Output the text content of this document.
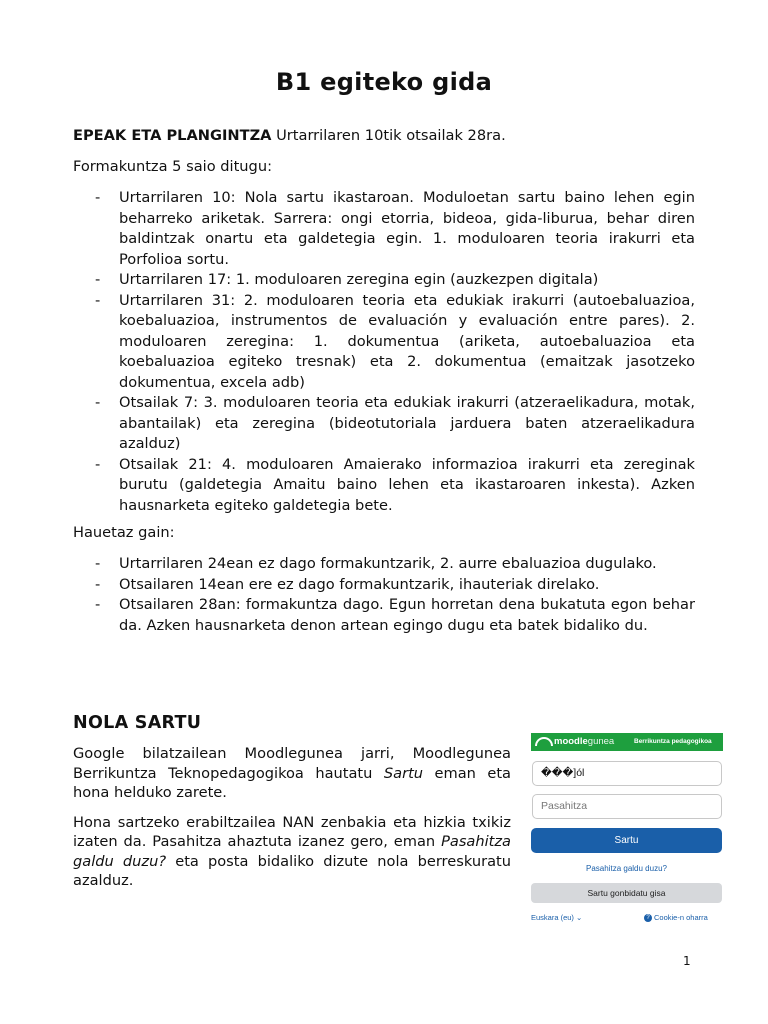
B1 egiteko gida

EPEAK ETA PLANGINTZA Urtarrilaren 10tik otsailak 28ra.

Formakuntza 5 saio ditugu:

- Urtarrilaren 10: Nola sartu ikastaroan. Moduloetan sartu baino lehen egin beharreko ariketak. Sarrera: ongi etorria, bideoa, gida-liburua, behar diren baldintzak onartu eta galdetegia egin. 1. moduloaren teoria irakurri eta Porfolioa sortu.
- Urtarrilaren 17: 1. moduloaren zeregina egin (auzkezpen digitala)
- Urtarrilaren 31: 2. moduloaren teoria eta edukiak irakurri (autoebaluazioa, koebaluazioa, instrumentos de evaluación y evaluación entre pares). 2. moduloaren zeregina: 1. dokumentua (ariketa, autoebaluazioa eta koebaluazioa egiteko tresnak) eta 2. dokumentua (emaitzak jasotzeko dokumentua, excela adb)
- Otsailak 7: 3. moduloaren teoria eta edukiak irakurri (atzeraelikadura, motak, abantailak) eta zeregina (bideotutoriala jarduera baten atzeraelikadura azalduz)
- Otsailak 21: 4. moduloaren Amaierako informazioa irakurri eta zereginak burutu (galdetegia Amaitu baino lehen eta ikastaroaren inkesta). Azken hausnarketa egiteko galdetegia bete.

Hauetaz gain:

- Urtarrilaren 24ean ez dago formakuntzarik, 2. aurre ebaluazioa dugulako.
- Otsailaren 14ean ere ez dago formakuntzarik, ihauteriak direlako.
- Otsailaren 28an: formakuntza dago. Egun horretan dena bukatuta egon behar da. Azken hausnarketa denon artean egingo dugu eta batek bidaliko du.
NOLA SARTU

Google bilatzailean Moodlegunea jarri, Moodlegunea Berrikuntza Teknopedagogikoa hautatu Sartu eman eta hona helduko zarete.

Hona sartzeko erabiltzailea NAN zenbakia eta hizkia txikiz izaten da. Pasahitza ahaztuta izanez gero, eman Pasahitza galdu duzu? eta posta bidaliko dizute nola berreskuratu azalduz.

moodlegunea	Berrikuntza pedagogikoa
���]ól
Pasahitza
Sartu
Pasahitza galdu duzu?
Sartu gonbidatu gisa
Euskara (eu) ⌄	? Cookie-n oharra
1
